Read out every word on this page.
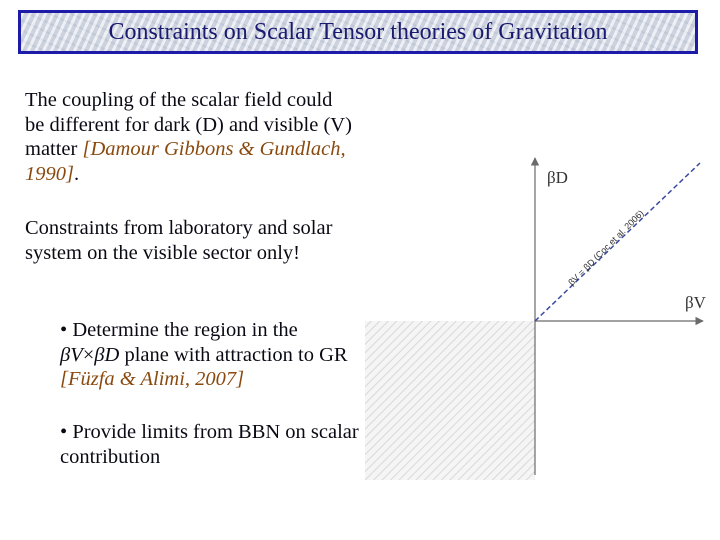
Constraints on Scalar Tensor theories of Gravitation

The coupling of the scalar field could be different for dark (D) and visible (V) matter [Damour Gibbons & Gundlach, 1990].

Constraints from laboratory and solar system on the visible sector only!

• Determine the region in the βV×βD plane with attraction to GR [Füzfa & Alimi, 2007]

• Provide limits from BBN on scalar contribution

βD
βV
βV = βD (Coc et al. 2006)
